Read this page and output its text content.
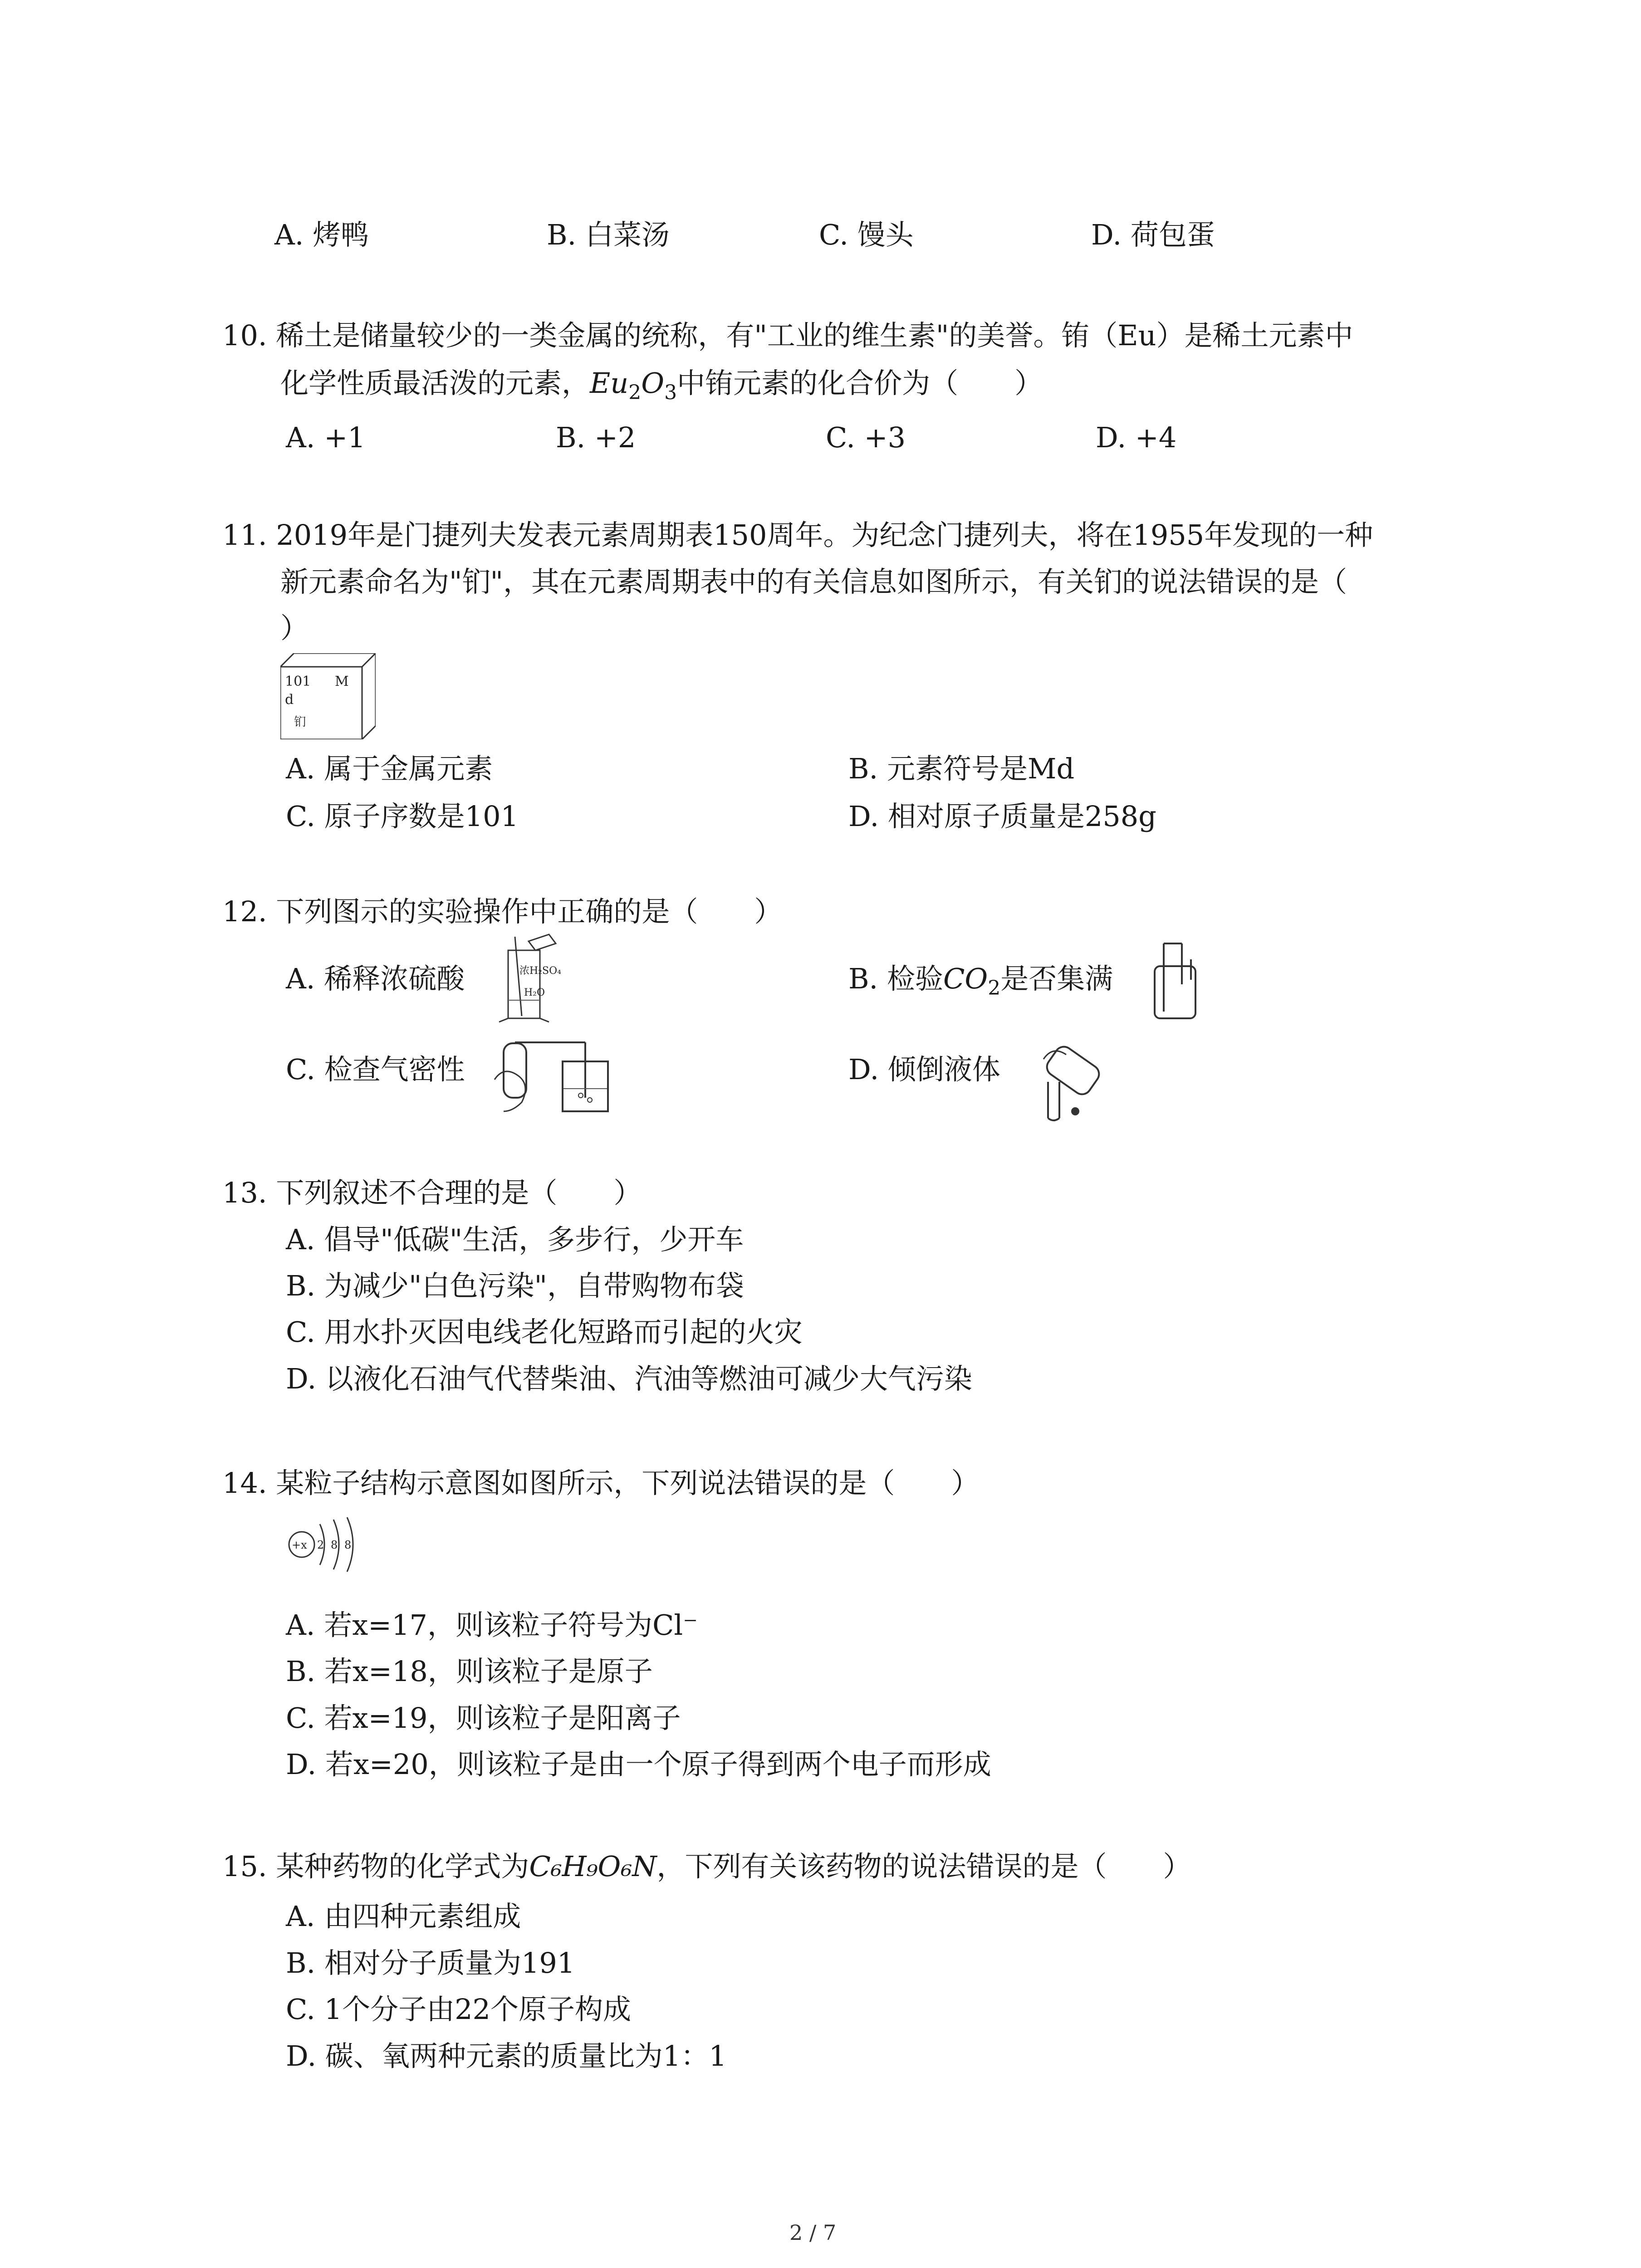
A. 烤鸭	B. 白菜汤	C. 馒头	D. 荷包蛋
10. 稀土是储量较少的一类金属的统称，有"工业的维生素"的美誉。铕（Eu）是稀土元素中
化学性质最活泼的元素，$Eu_2O_3$中铕元素的化合价为（　　）
A. +1	B. +2	C. +3	D. +4
11. 2019年是门捷列夫发表元素周期表150周年。为纪念门捷列夫，将在1955年发现的一种
新元素命名为"钔"，其在元素周期表中的有关信息如图所示，有关钔的说法错误的是（
）
101 M
d
钔
A. 属于金属元素	B. 元素符号是Md
C. 原子序数是101	D. 相对原子质量是258g
12. 下列图示的实验操作中正确的是（　　）
A. 稀释浓硫酸	浓H₂SO₄
H₂O	B. 检验$CO_2$是否集满
C. 检查气密性	D. 倾倒液体
13. 下列叙述不合理的是（　　）
A. 倡导"低碳"生活，多步行，少开车
B. 为减少"白色污染"，自带购物布袋
C. 用水扑灭因电线老化短路而引起的火灾
D. 以液化石油气代替柴油、汽油等燃油可减少大气污染
14. 某粒子结构示意图如图所示，下列说法错误的是（　　）
+x 2 8 8
A. 若x=17，则该粒子符号为Cl⁻
B. 若x=18，则该粒子是原子
C. 若x=19，则该粒子是阳离子
D. 若x=20，则该粒子是由一个原子得到两个电子而形成
15. 某种药物的化学式为C₆H₉O₆N，下列有关该药物的说法错误的是（　　）
A. 由四种元素组成
B. 相对分子质量为191
C. 1个分子由22个原子构成
D. 碳、氧两种元素的质量比为1：1
2 / 7
